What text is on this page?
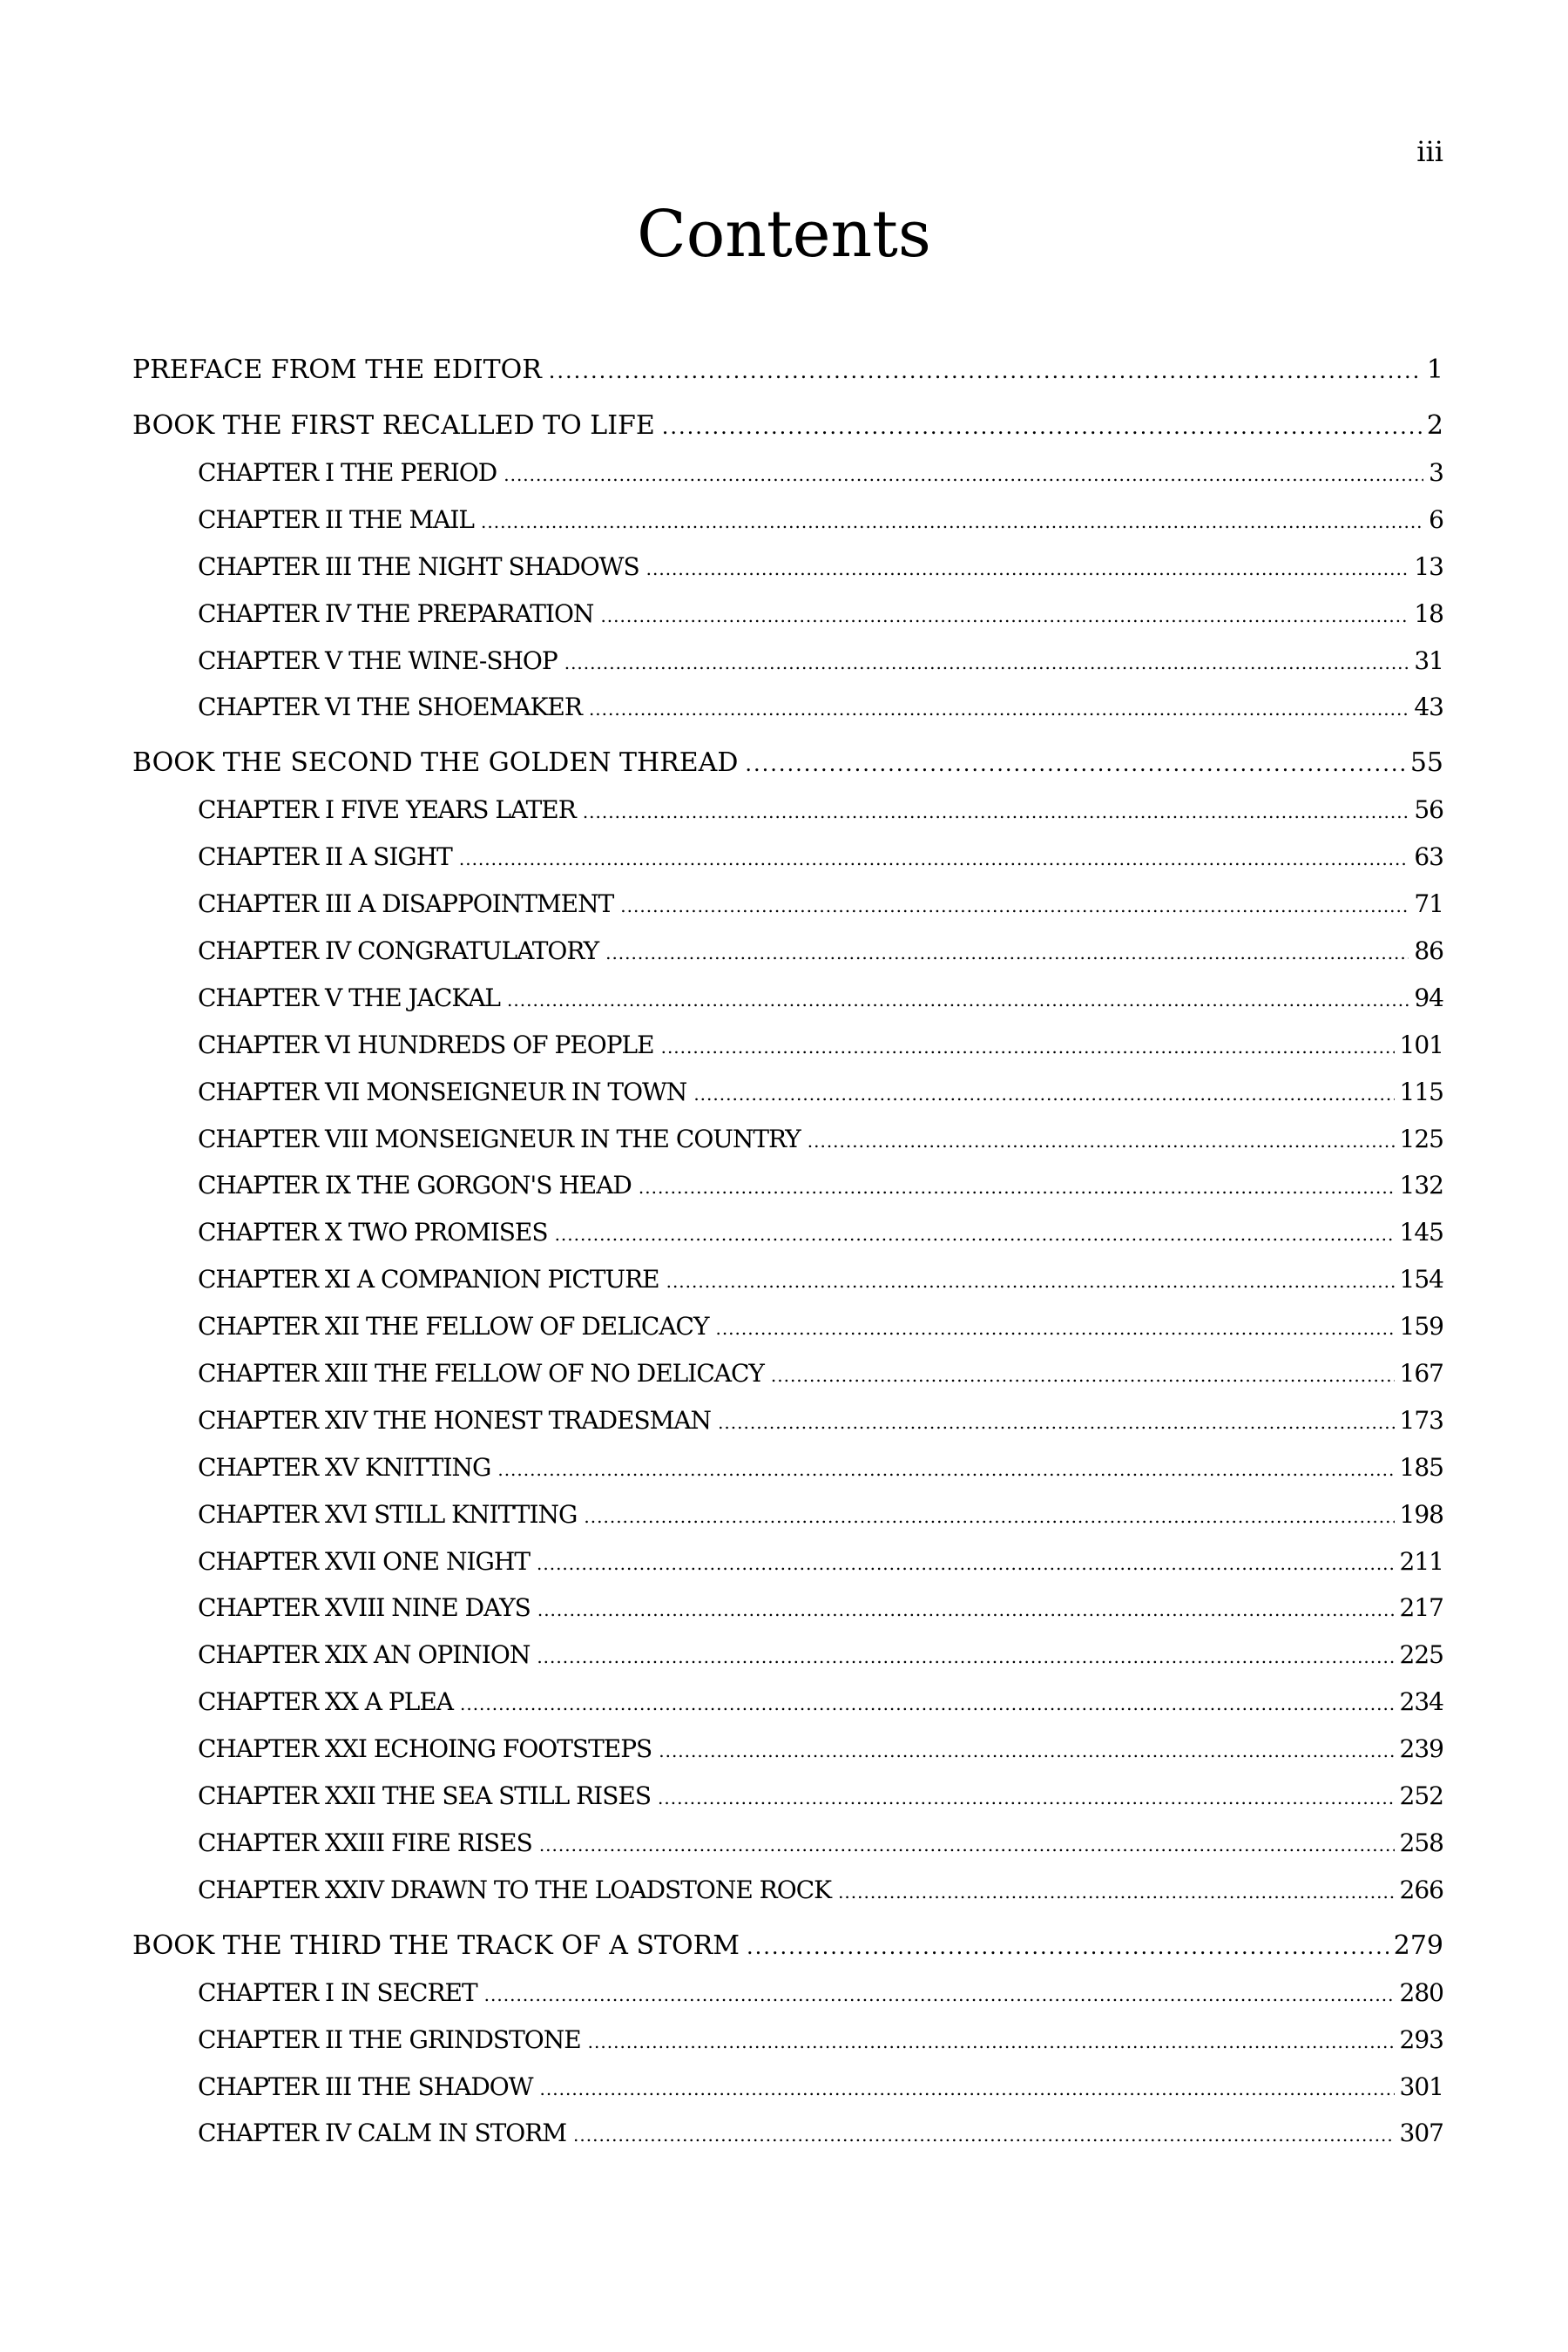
iii
Contents
PREFACE FROM THE EDITOR .....	1
BOOK THE FIRST RECALLED TO LIFE .....	2
CHAPTER I THE PERIOD .....	3
CHAPTER II THE MAIL .....	6
CHAPTER III THE NIGHT SHADOWS .....	13
CHAPTER IV THE PREPARATION .....	18
CHAPTER V THE WINE-SHOP .....	31
CHAPTER VI THE SHOEMAKER .....	43
BOOK THE SECOND THE GOLDEN THREAD .....	55
CHAPTER I FIVE YEARS LATER .....	56
CHAPTER II A SIGHT .....	63
CHAPTER III A DISAPPOINTMENT .....	71
CHAPTER IV CONGRATULATORY .....	86
CHAPTER V THE JACKAL .....	94
CHAPTER VI HUNDREDS OF PEOPLE .....	101
CHAPTER VII MONSEIGNEUR IN TOWN .....	115
CHAPTER VIII MONSEIGNEUR IN THE COUNTRY .....	125
CHAPTER IX THE GORGON'S HEAD .....	132
CHAPTER X TWO PROMISES .....	145
CHAPTER XI A COMPANION PICTURE .....	154
CHAPTER XII THE FELLOW OF DELICACY .....	159
CHAPTER XIII THE FELLOW OF NO DELICACY .....	167
CHAPTER XIV THE HONEST TRADESMAN .....	173
CHAPTER XV KNITTING .....	185
CHAPTER XVI STILL KNITTING .....	198
CHAPTER XVII ONE NIGHT .....	211
CHAPTER XVIII NINE DAYS .....	217
CHAPTER XIX AN OPINION .....	225
CHAPTER XX A PLEA .....	234
CHAPTER XXI ECHOING FOOTSTEPS .....	239
CHAPTER XXII THE SEA STILL RISES .....	252
CHAPTER XXIII FIRE RISES .....	258
CHAPTER XXIV DRAWN TO THE LOADSTONE ROCK .....	266
BOOK THE THIRD THE TRACK OF A STORM .....	279
CHAPTER I IN SECRET .....	280
CHAPTER II THE GRINDSTONE .....	293
CHAPTER III THE SHADOW .....	301
CHAPTER IV CALM IN STORM .....	307
